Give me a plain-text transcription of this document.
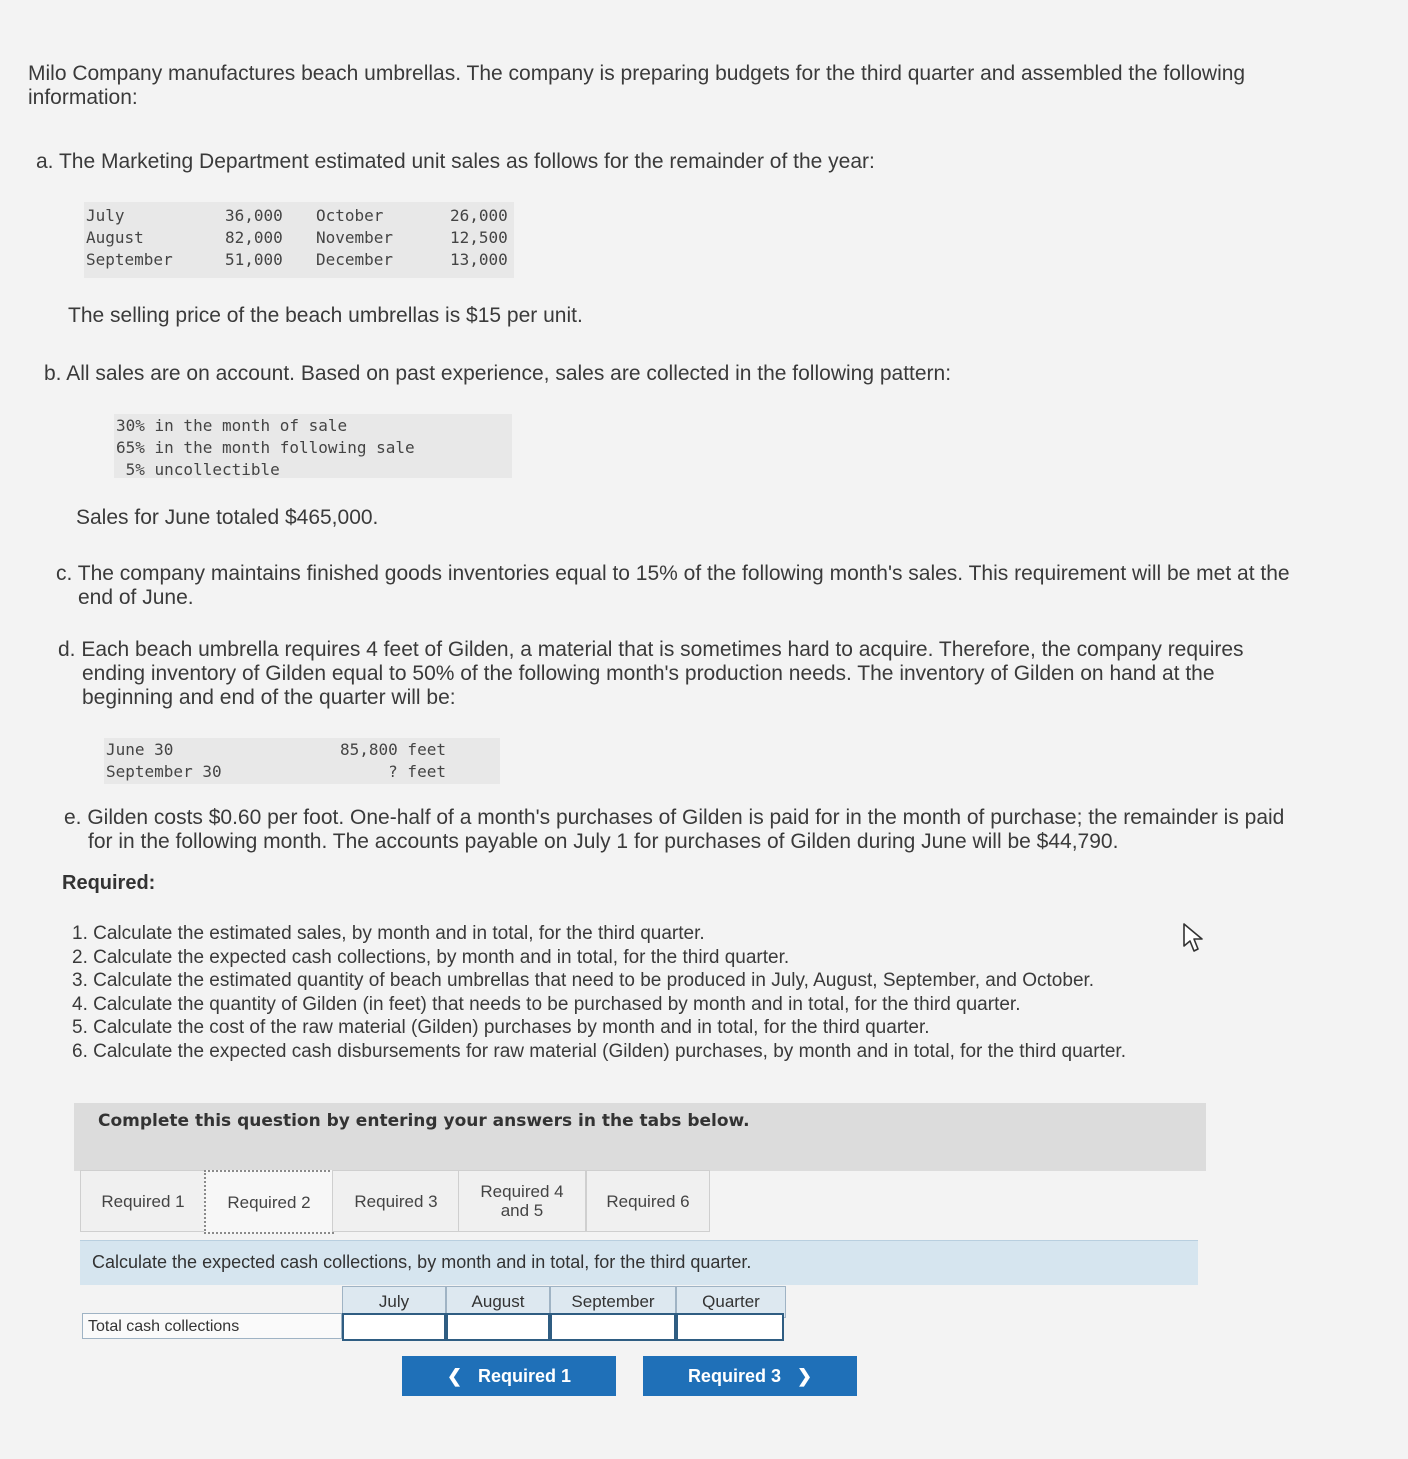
Milo Company manufactures beach umbrellas. The company is preparing budgets for the third quarter and assembled the following
information:
a. The Marketing Department estimated unit sales as follows for the remainder of the year:
July	36,000 October	26,000
August	82,000 November	12,500
September	51,000 December	13,000
The selling price of the beach umbrellas is $15 per unit.
b. All sales are on account. Based on past experience, sales are collected in the following pattern:
30% in the month of sale
65% in the month following sale
5% uncollectible
Sales for June totaled $465,000.
c. The company maintains finished goods inventories equal to 15% of the following month's sales. This requirement will be met at the
end of June.
d. Each beach umbrella requires 4 feet of Gilden, a material that is sometimes hard to acquire. Therefore, the company requires
ending inventory of Gilden equal to 50% of the following month's production needs. The inventory of Gilden on hand at the
beginning and end of the quarter will be:
June 30	85,800 feet
September 30	? feet
e. Gilden costs $0.60 per foot. One-half of a month's purchases of Gilden is paid for in the month of purchase; the remainder is paid
for in the following month. The accounts payable on July 1 for purchases of Gilden during June will be $44,790.
Required:
1. Calculate the estimated sales, by month and in total, for the third quarter.
2. Calculate the expected cash collections, by month and in total, for the third quarter.
3. Calculate the estimated quantity of beach umbrellas that need to be produced in July, August, September, and October.
4. Calculate the quantity of Gilden (in feet) that needs to be purchased by month and in total, for the third quarter.
5. Calculate the cost of the raw material (Gilden) purchases by month and in total, for the third quarter.
6. Calculate the expected cash disbursements for raw material (Gilden) purchases, by month and in total, for the third quarter.
Complete this question by entering your answers in the tabs below.
Required 1	Required 2	Required 3	Required 4
and 5	Required 6
Calculate the expected cash collections, by month and in total, for the third quarter.
July	August	September	Quarter
Total cash collections
❮ Required 1	Required 3 ❯
